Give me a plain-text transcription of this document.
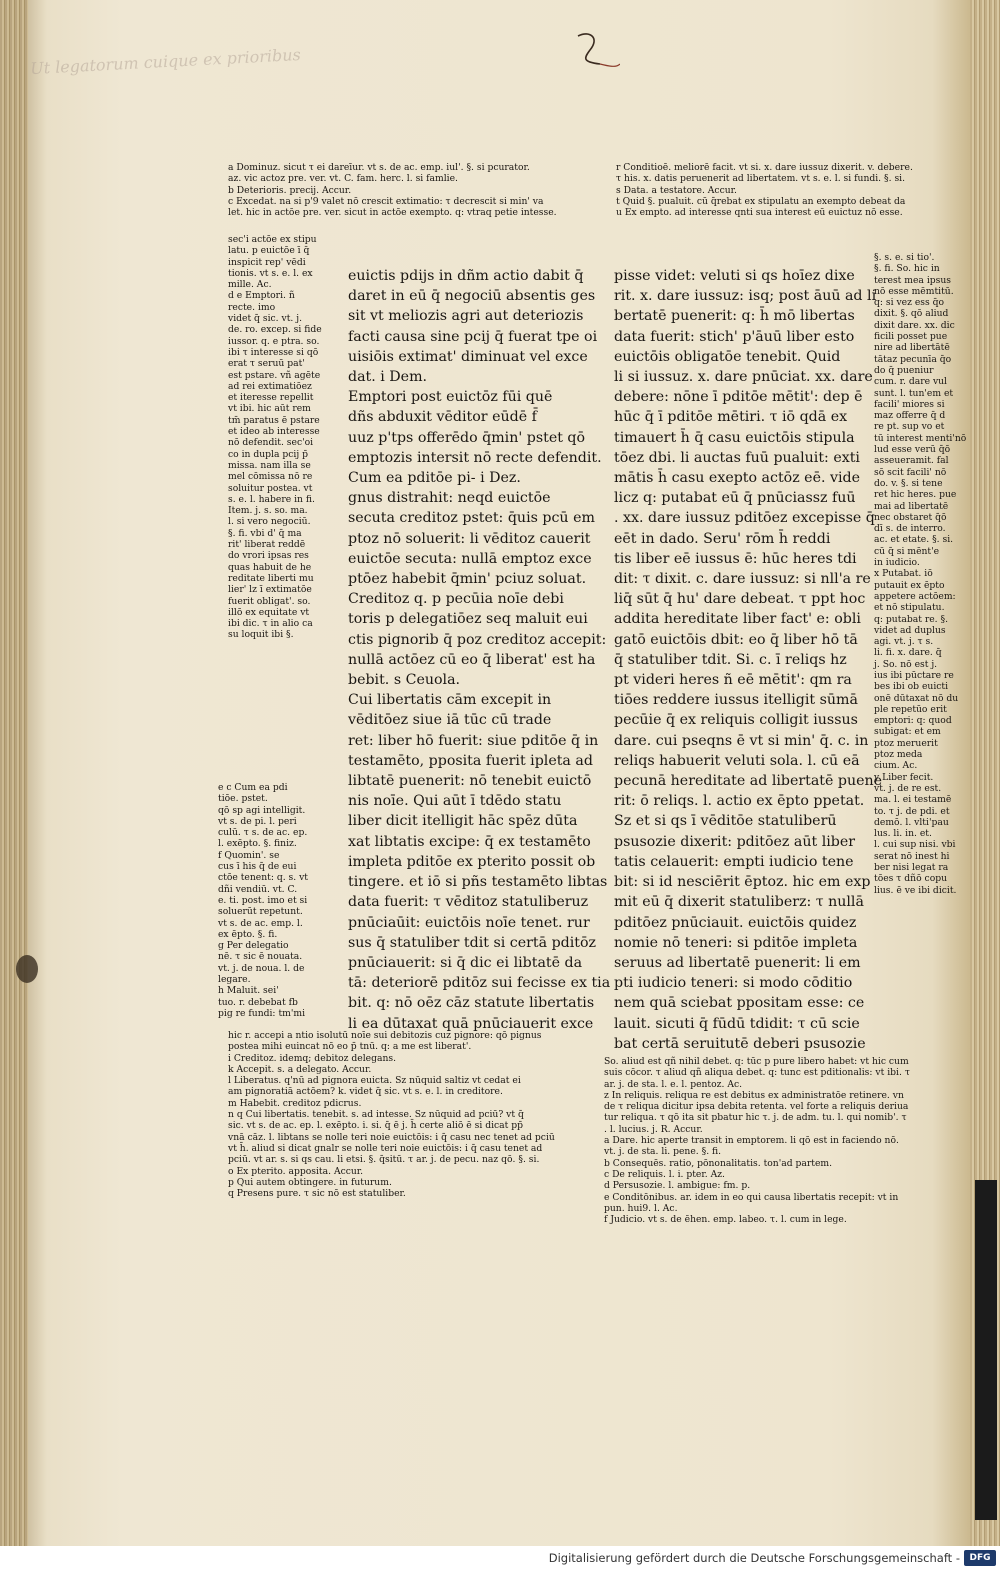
Ut legatorum cuique ex prioribus
a Dominuz. sicut τ ei dareīur. vt s. de ac. emp. iul'. §. si pcurator.
az. vic actoz pre. ver. vt. C. fam. herc. l. si famlie.
b Deterioris. precij. Accur.
c Excedat. na si p'9 valet nō crescit extimatio: τ decrescit si min' va
let. hic in actōe pre. ver. sicut in actōe exempto. q: vtraq petie intesse.
r Conditioē. meliorē facit. vt si. x. dare iussuz dixerit. v. debere.
τ his. x. datis peruenerit ad libertatem. vt s. e. l. si fundi. §. si.
s Data. a testatore. Accur.
t Quid §. pualuit. cū q̄rebat ex stipulatu an exempto debeat da
u Ex empto. ad interesse qnti sua interest eū euictuz nō esse.
sec'i actōe ex stipu
latu. p euictōe ī q̄
inspicit rep' vēdi
tionis. vt s. e. l. ex
mille. Ac.
d e Emptori. ñ
recte. imo
videt q̄ sic. vt. j.
de. ro. excep. si fide
iussor. q. e ptra. so.
ibi τ interesse si qō
erat τ seruū pat'
est pstare. vñ agēte
ad rei extimatiōez
et iteresse repellit
vt ibi. hic aūt rem
tm̄ paratus ē pstare
et ideo ab interesse
nō defendit. sec'oi
co in dupla pcij p̄
missa. nam illa se
mel cōmissa nō re
soluitur postea. vt
s. e. l. habere in fi.
Item. j. s. so. ma.
l. si vero negociū.
§. fi. vbi d' q̄ ma
rit' liberat reddē
do vrori ipsas res
quas habuit de he
reditate liberti mu
lier' lz ī extimatōe
fuerit obligat'. so.
illō ex equitate vt
ibi dic. τ in alio ca
su loquit ibi §.
e c Cum ea pdi
tiōe. pstet.
qō sp agi intelligit.
vt s. de pi. l. peri
culū. τ s. de ac. ep.
l. exēpto. §. finiz.
f Quomin'. se
cus ī his q̄ de eui
ctōe tenent: q. s. vt
dñi vendiū. vt. C.
e. ti. post. imo et si
soluerūt repetunt.
vt s. de ac. emp. l.
ex ēpto. §. fi.
g Per delegatio
nē. τ sic ē nouata.
vt. j. de noua. l. de
legare.
h Maluit. sei'
tuo. r. debebat fb
pig re fundi: tm'mi
euictis pdijs in dñm actio dabit q̄
daret in eū q̄ negociū absentis ges
sit vt meliozis agri aut deteriozis
facti causa sine pcij q̄ fuerat tpe oi
uisiōis extimat' diminuat vel exce
dat. i Dem.
Emptori post euictōz fūi quē
dñs abduxit vēditor eūdē f̄
uuz p'tps offerēdo q̄min' pstet qō
emptozis intersit nō recte defendit.
Cum ea pditōe pi- i Dez.
gnus distrahit: neqd euictōe
secuta creditoz pstet: q̄uis pcū em
ptoz nō soluerit: li vēditoz cauerit
euictōe secuta: nullā emptoz exce
ptōez habebit q̄min' pciuz soluat.
Creditoz q. p pecūia noīe debi
toris p delegatiōez seq maluit eui
ctis pignorib q̄ poz creditoz accepit:
nullā actōez cū eo q̄ liberat' est ha
bebit. s Ceuola.
Cui libertatis cām excepit in
vēditōez siue iā tūc cū trade
ret: liber hō fuerit: siue pditōe q̄ in
testamēto, pposita fuerit ipleta ad
libtatē puenerit: nō tenebit euictō
nis noīe. Qui aūt ī tdēdo statu
liber dicit itelligit hāc spēz dūta
xat libtatis excipe: q̄ ex testamēto
impleta pditōe ex pterito possit ob
tingere. et iō si pñs testamēto libtas
data fuerit: τ vēditoz statuliberuz
pnūciaūit: euictōis noīe tenet. rur
sus q̄ statuliber tdit si certā pditōz
pnūciauerit: si q̄ dic ei libtatē da
tā: deteriorē pditōz sui fecisse ex tia
bit. q: nō oēz cāz statute libertatis
li ea dūtaxat quā pnūciauerit exce
pisse videt: veluti si qs hoīez dixe
rit. x. dare iussuz: isq; post āuū ad li
bertatē puenerit: q: h̄ mō libertas
data fuerit: stich' p'āuū liber esto
euictōis obligatōe tenebit. Quid
li si iussuz. x. dare pnūciat. xx. dare
debere: nōne ī pditōe mētit': dep ē
hūc q̄ ī pditōe mētiri. τ iō qdā ex
timauert h̄ q̄ casu euictōis stipula
tōez dbi. li auctas fuū pualuit: exti
mātis h̄ casu exepto actōz eē. vide
licz q: putabat eū q̄ pnūciassz fuū
. xx. dare iussuz pditōez excepisse q̄
eēt in dado. Seru' rōm h̄ reddi
tis liber eē iussus ē: hūc heres tdi
dit: τ dixit. c. dare iussuz: si nll'a re
liq̄ sūt q̄ hu' dare debeat. τ ppt hoc
addita hereditate liber fact' e: obli
gatō euictōis dbit: eo q̄ liber hō tā
q̄ statuliber tdit. Si. c. ī reliqs hz
pt videri heres ñ eē mētit': qm ra
tiōes reddere iussus itelligit sūmā
pecūie q̄ ex reliquis colligit iussus
dare. cui pseqns ē vt si min' q̄. c. in
reliqs habuerit veluti sola. l. cū eā
pecunā hereditate ad libertatē puene
rit: ō reliqs. l. actio ex ēpto ppetat.
Sz et si qs ī vēditōe statuliberū
psusozie dixerit: pditōez aūt liber
tatis celauerit: empti iudicio tene
bit: si id nesciērit ēptoz. hic em exp
mit eū q̄ dixerit statuliberz: τ nullā
pditōez pnūciauit. euictōis quidez
nomie nō teneri: si pditōe impleta
seruus ad libertatē puenerit: li em
pti iudicio teneri: si modo cōditio
nem quā sciebat ppositam esse: ce
lauit. sicuti q̄ fūdū tdidit: τ cū scie
bat certā seruitutē deberi psusozie
§. s. e. si tio'.
§. fi. So. hic in
terest mea ipsus
nō esse mēmtitū.
q: si vez ess q̄o
dixit. §. qō aliud
dixit dare. xx. dic
ficili posset pue
nire ad libertātē
tātaz pecunīa q̄o
do q̄ pueniur
cum. r. dare vul
sunt. l. tun'em et
facili' miores si
maz offerre q̄ d
re pt. sup vo et
tū interest menti'nō
lud esse verū q̄ō
asseueramit. fal
sō scit facili' nō
do. v. §. si tene
ret hic heres. pue
mai ad libertatē
nec obstaret q̄ō
dī s. de interro.
ac. et etate. §. si.
cū q̄ si mēnt'e
in iudicio.
x Putabat. iō
putauit ex ēpto
appetere actōem:
et nō stipulatu.
q: putabat re. §.
videt ad duplus
agi. vt. j. τ s.
li. fi. x. dare. q̄
j. So. nō est j.
ius ibi pūctare re
bes ibi ob euicti
onē dūtaxat nō du
ple repetūo erit
emptori: q: quod
subigat: et em
ptoz meruerit
ptoz meda
cium. Ac.
y Liber fecit.
vt. j. de re est.
ma. l. ei testamē
to. τ j. de pdi. et
demō. l. vlti'pau
lus. li. in. et.
l. cui sup nisi. vbi
serat nō inest hi
ber nisi legat ra
tōes τ dñō copu
lius. ē ve ibi dicit.
hic r. accepi a ntio isolutū noīe sui debitozis cuz pignore: qō pignus
postea mihi euincat nō eo p̄ tnū. q: a me est liberat'.
i Creditoz. idemq; debitoz delegans.
k Accepit. s. a delegato. Accur.
l Liberatus. q'nū ad pignora euicta. Sz nūquid saltiz vt cedat ei
am pignoratiā actōem? k. videt q̄ sic. vt s. e. l. in creditore.
m Habebit. creditoz pdicrus.
n q Cui libertatis. tenebit. s. ad intesse. Sz nūquid ad pciū? vt q̄
sic. vt s. de ac. ep. l. exēpto. i. si. q̄ ē j. h̄ certe aliō ē si dicat pp̄
vnā cāz. l. libtans se nolle teri noie euictōis: i q̄ casu nec tenet ad pciū
vt h̄. aliud si dicat gnalr se nolle teri noie euictōis: i q̄ casu tenet ad
pciū. vt ar. s. si qs cau. li etsi. §. q̄sitū. τ ar. j. de pecu. naz qō. §. si.
o Ex pterito. apposita. Accur.
p Qui autem obtingere. in futurum.
q Presens pure. τ sic nō est statuliber.
So. aliud est qñ nihil debet. q: tūc p pure libero habet: vt hic cum
suis cōcor. τ aliud qñ aliqua debet. q: tunc est pditionalis: vt ibi. τ
ar. j. de sta. l. e. l. pentoz. Ac.
z In reliquis. reliqua re est debitus ex administratōe retinere. vn
de τ reliqua dicitur ipsa debita retenta. vel forte a reliquis deriua
tur reliqua. τ qō ita sit pbatur hic τ. j. de adm. tu. l. qui nomib'. τ
. l. lucius. j. R. Accur.
a Dare. hic aperte transit in emptorem. li qō est in faciendo nō.
vt. j. de sta. li. pene. §. fi.
b Consequēs. ratio, pōnonalitatis. ton'ad partem.
c De reliquis. l. i. pter. Az.
d Persusozie. l. ambigue: fm. p.
e Conditōnibus. ar. idem in eo qui causa libertatis recepit: vt in
pun. hui9. l. Ac.
f Judicio. vt s. de ēhen. emp. labeo. τ. l. cum in lege.
Digitalisierung gefördert durch die Deutsche Forschungsgemeinschaft -	DFG
